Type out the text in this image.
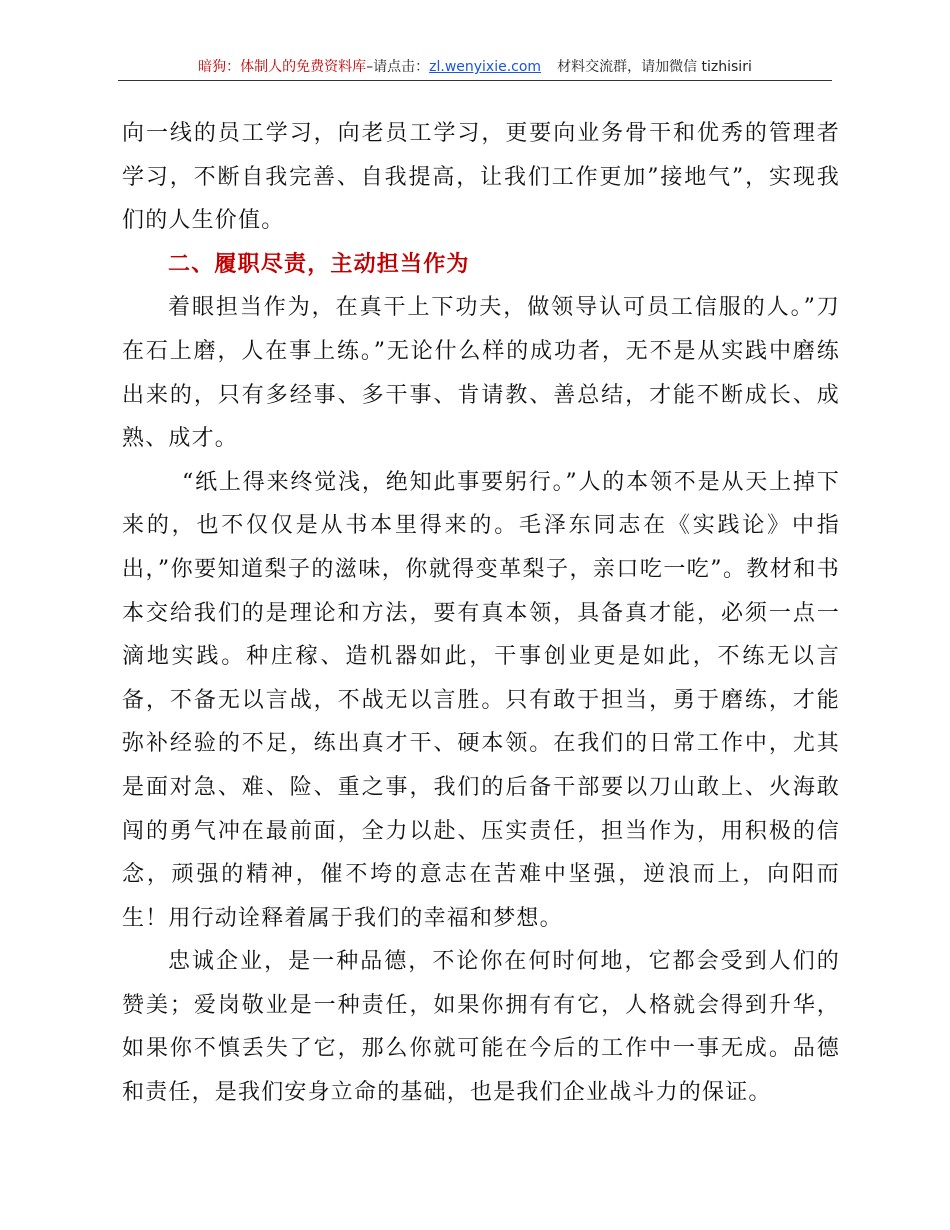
暗狗：体制人的免费资料库–请点击：zl.wenyixie.com 材料交流群，请加微信 tizhisiri

向一线的员工学习，向老员工学习，更要向业务骨干和优秀的管理者学习，不断自我完善、自我提高，让我们工作更加”接地气”，实现我们的人生价值。

二、履职尽责，主动担当作为

着眼担当作为，在真干上下功夫，做领导认可员工信服的人。”刀在石上磨，人在事上练。”无论什么样的成功者，无不是从实践中磨练出来的，只有多经事、多干事、肯请教、善总结，才能不断成长、成熟、成才。

“纸上得来终觉浅，绝知此事要躬行。”人的本领不是从天上掉下来的，也不仅仅是从书本里得来的。毛泽东同志在《实践论》中指出，”你要知道梨子的滋味，你就得变革梨子，亲口吃一吃”。教材和书本交给我们的是理论和方法，要有真本领，具备真才能，必须一点一滴地实践。种庄稼、造机器如此，干事创业更是如此，不练无以言备，不备无以言战，不战无以言胜。只有敢于担当，勇于磨练，才能弥补经验的不足，练出真才干、硬本领。在我们的日常工作中，尤其是面对急、难、险、重之事，我们的后备干部要以刀山敢上、火海敢闯的勇气冲在最前面，全力以赴、压实责任，担当作为，用积极的信念，顽强的精神，催不垮的意志在苦难中坚强，逆浪而上，向阳而生！用行动诠释着属于我们的幸福和梦想。

忠诚企业，是一种品德，不论你在何时何地，它都会受到人们的赞美；爱岗敬业是一种责任，如果你拥有有它，人格就会得到升华，如果你不慎丢失了它，那么你就可能在今后的工作中一事无成。品德和责任，是我们安身立命的基础，也是我们企业战斗力的保证。
